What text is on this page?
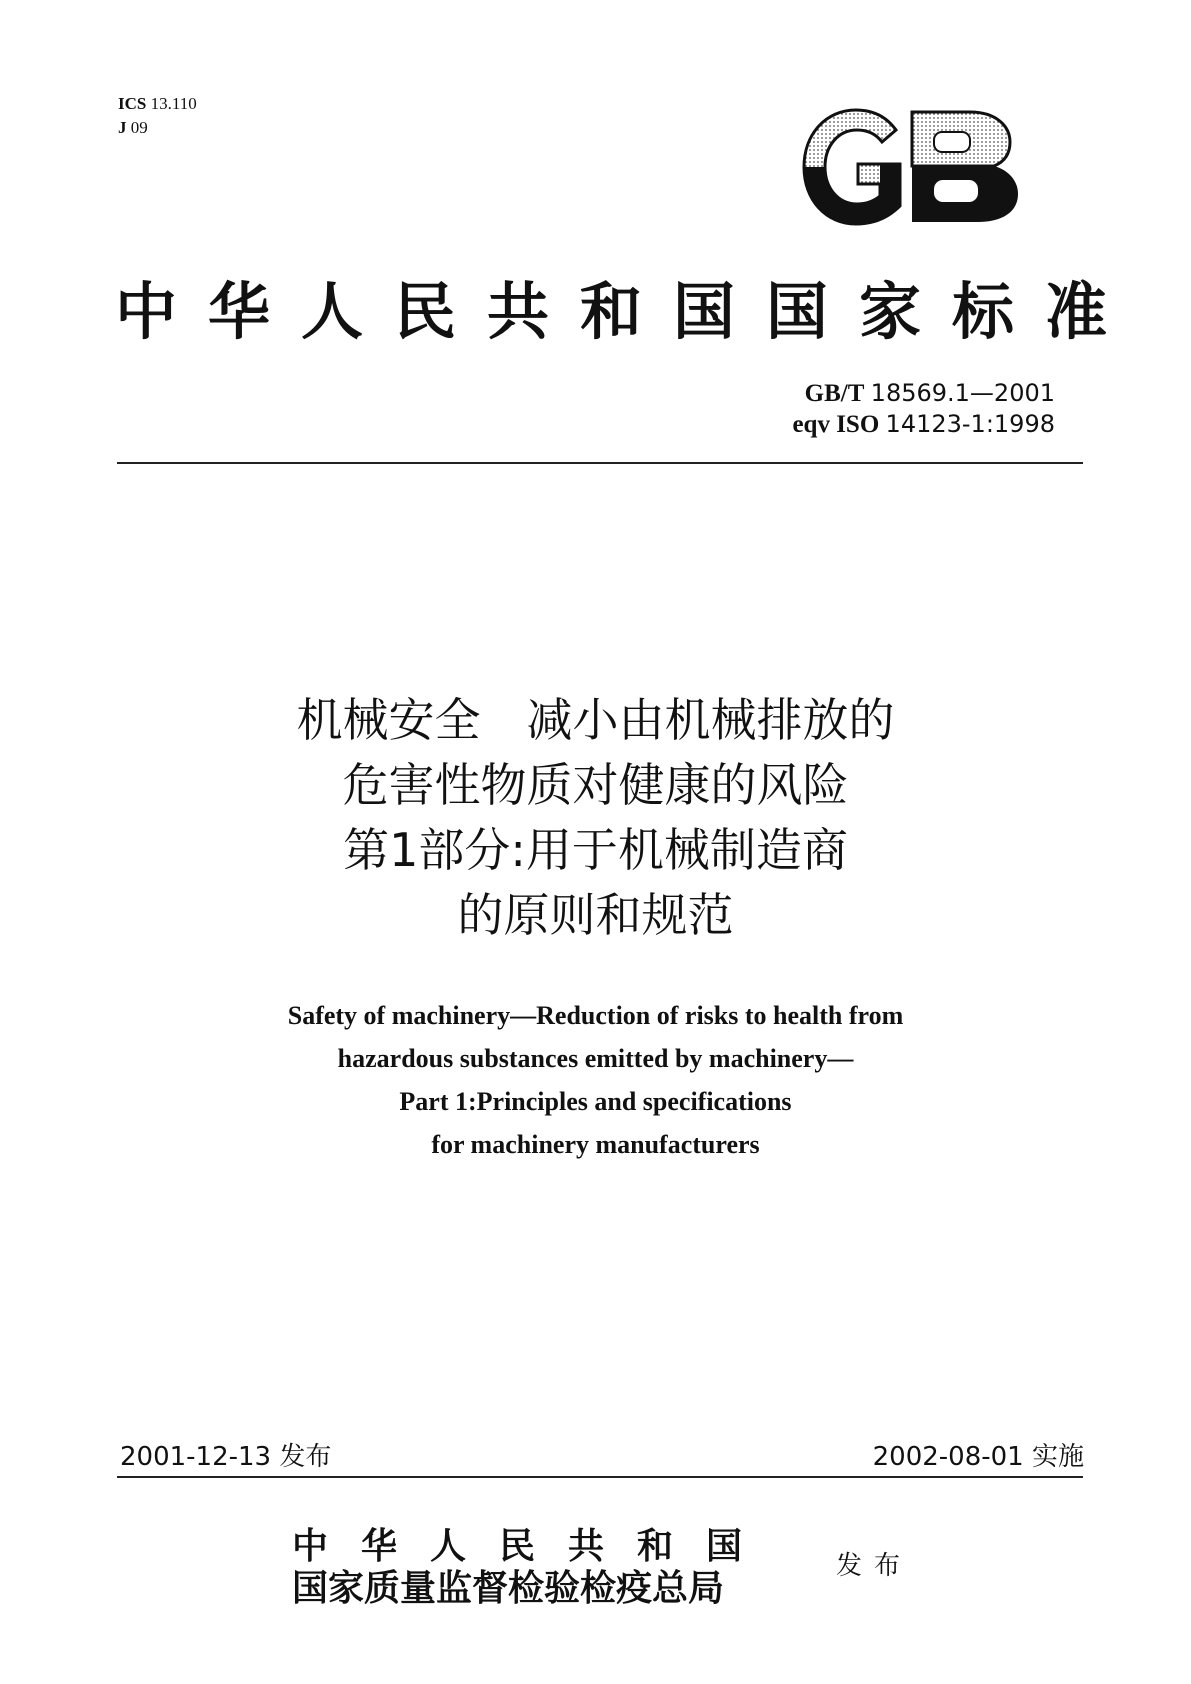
ICS 13.110
J 09
中华人民共和国国家标准
GB/T 18569.1—2001
eqv ISO 14123-1:1998
机械安全　减小由机械排放的
危害性物质对健康的风险
第1部分:用于机械制造商
的原则和规范
Safety of machinery—Reduction of risks to health from
hazardous substances emitted by machinery—
Part 1:Principles and specifications
for machinery manufacturers
2001-12-13 发布	2002-08-01 实施
中华人民共和国
国家质量监督检验检疫总局
发布
